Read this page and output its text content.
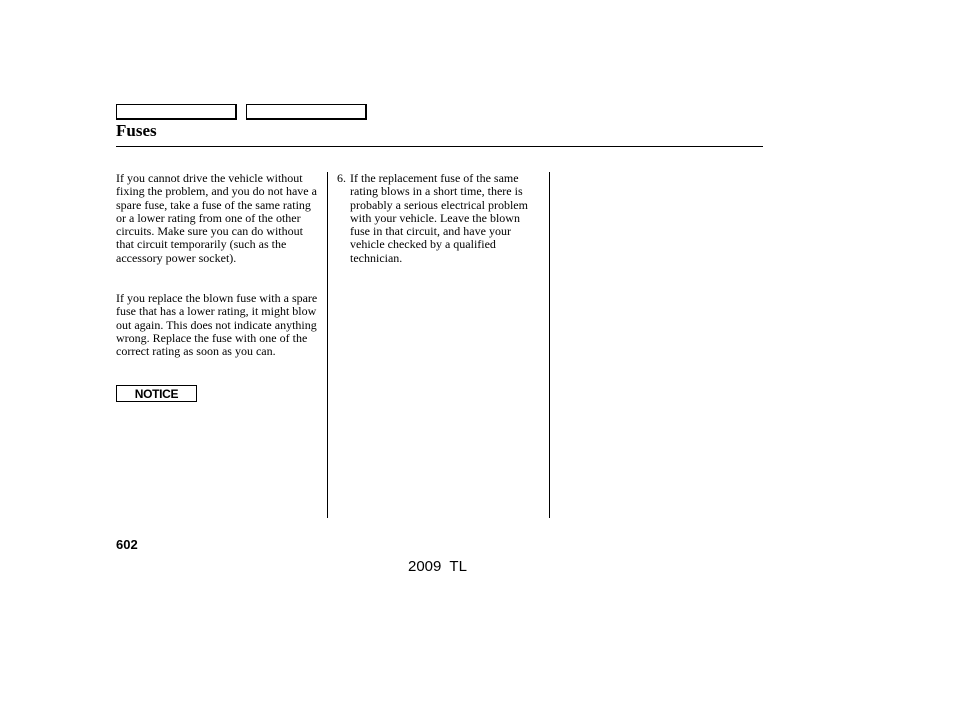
Fuses

If you cannot drive the vehicle without fixing the problem, and you do not have a spare fuse, take a fuse of the same rating or a lower rating from one of the other circuits. Make sure you can do without that circuit temporarily (such as the accessory power socket).

If you replace the blown fuse with a spare fuse that has a lower rating, it might blow out again. This does not indicate anything wrong. Replace the fuse with one of the correct rating as soon as you can.

NOTICE
6. If the replacement fuse of the same rating blows in a short time, there is probably a serious electrical problem with your vehicle. Leave the blown fuse in that circuit, and have your vehicle checked by a qualified technician.
602
2009  TL
